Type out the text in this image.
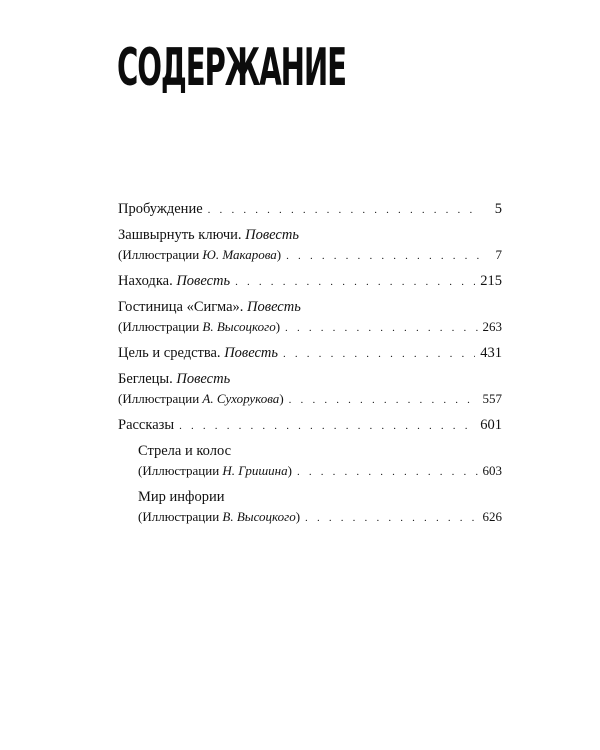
СОДЕРЖАНИЕ
Пробуждение . . .	5
Зашвырнуть ключи. Повесть
(Иллюстрации Ю. Макарова) . . .	7
Находка. Повесть . . .	215
Гостиница «Сигма». Повесть
(Иллюстрации В. Высоцкого) . . .	263
Цель и средства. Повесть . . .	431
Беглецы. Повесть
(Иллюстрации А. Сухорукова) . . .	557
Рассказы . . .	601
Стрела и колос
(Иллюстрации Н. Гришина) . . .	603
Мир инфории
(Иллюстрации В. Высоцкого) . . .	626
